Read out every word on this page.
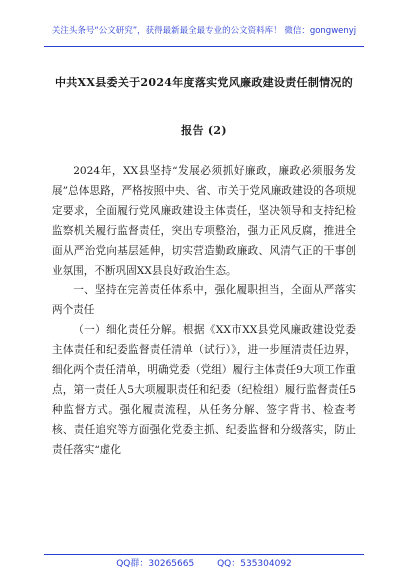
关注头条号“公文研究”，获得最新最全最专业的公文资料库！ 微信：gongwenyj
中共XX县委关于2024年度落实党风廉政建设责任制情况的
报告 (2)

2024年，XX县坚持“发展必须抓好廉政，廉政必须服务发展”总体思路，严格按照中央、省、市关于党风廉政建设的各项规定要求，全面履行党风廉政建设主体责任，坚决领导和支持纪检监察机关履行监督责任，突出专项整治，强力正风反腐，推进全面从严治党向基层延伸，切实营造勤政廉政、风清气正的干事创业氛围，不断巩固XX县良好政治生态。

一、坚持在完善责任体系中，强化履职担当，全面从严落实两个责任

（一）细化责任分解。根据《XX市XX县党风廉政建设党委主体责任和纪委监督责任清单（试行）》，进一步厘清责任边界，细化两个责任清单，明确党委（党组）履行主体责任9大项工作重点，第一责任人5大项履职责任和纪委（纪检组）履行监督责任5种监督方式。强化履责流程，从任务分解、签字背书、检查考核、责任追究等方面强化党委主抓、纪委监督和分级落实，防止责任落实“虚化

QQ群：30265665	QQ：535304092
